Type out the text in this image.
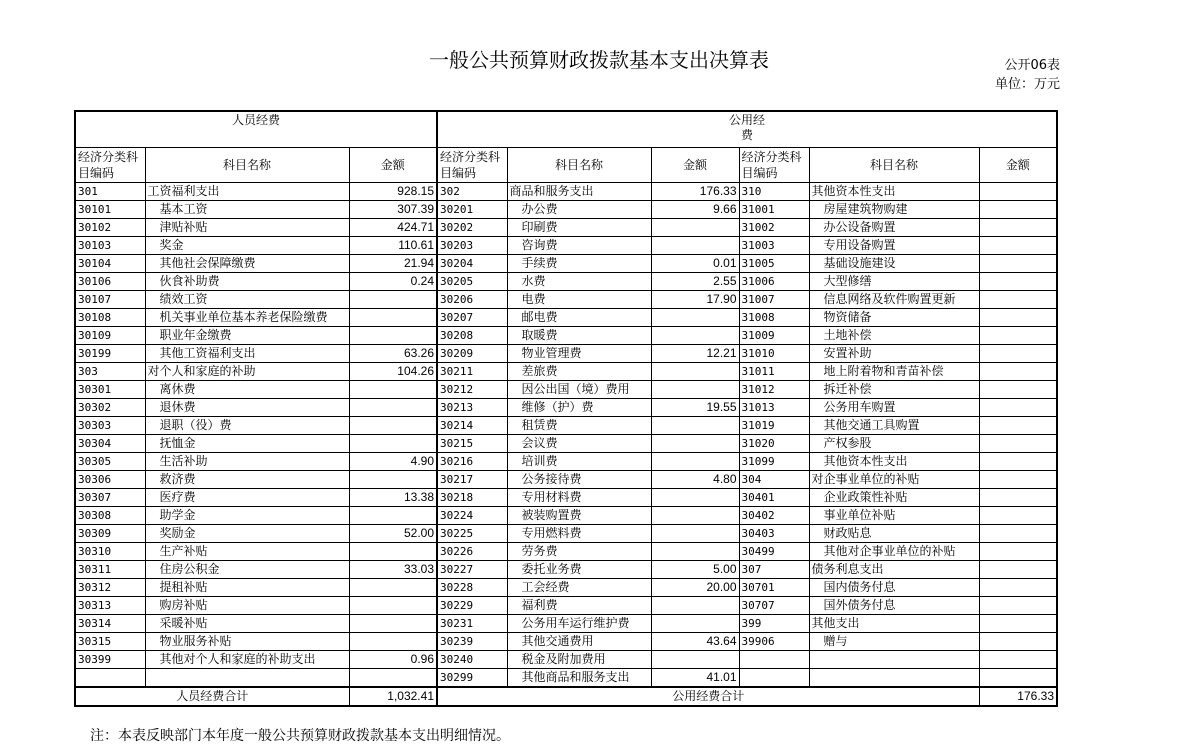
一般公共预算财政拨款基本支出决算表	公开06表
单位：万元
人员经费			公用经费					
经济分类科目编码	科目名称	金额	经济分类科目编码	科目名称	金额	经济分类科目编码	科目名称	金额
301	工资福利支出	928.15	302	商品和服务支出	176.33	310	其他资本性支出	
30101	基本工资	307.39	30201	办公费	9.66	31001	房屋建筑物购建	
30102	津贴补贴	424.71	30202	印刷费		31002	办公设备购置	
30103	奖金	110.61	30203	咨询费		31003	专用设备购置	
30104	其他社会保障缴费	21.94	30204	手续费	0.01	31005	基础设施建设	
30106	伙食补助费	0.24	30205	水费	2.55	31006	大型修缮	
30107	绩效工资		30206	电费	17.90	31007	信息网络及软件购置更新	
30108	机关事业单位基本养老保险缴费		30207	邮电费		31008	物资储备	
30109	职业年金缴费		30208	取暖费		31009	土地补偿	
30199	其他工资福利支出	63.26	30209	物业管理费	12.21	31010	安置补助	
303	对个人和家庭的补助	104.26	30211	差旅费		31011	地上附着物和青苗补偿	
30301	离休费		30212	因公出国（境）费用		31012	拆迁补偿	
30302	退休费		30213	维修（护）费	19.55	31013	公务用车购置	
30303	退职（役）费		30214	租赁费		31019	其他交通工具购置	
30304	抚恤金		30215	会议费		31020	产权参股	
30305	生活补助	4.90	30216	培训费		31099	其他资本性支出	
30306	救济费		30217	公务接待费	4.80	304	对企事业单位的补贴	
30307	医疗费	13.38	30218	专用材料费		30401	企业政策性补贴	
30308	助学金		30224	被装购置费		30402	事业单位补贴	
30309	奖励金	52.00	30225	专用燃料费		30403	财政贴息	
30310	生产补贴		30226	劳务费		30499	其他对企事业单位的补贴	
30311	住房公积金	33.03	30227	委托业务费	5.00	307	债务利息支出	
30312	提租补贴		30228	工会经费	20.00	30701	国内债务付息	
30313	购房补贴		30229	福利费		30707	国外债务付息	
30314	采暖补贴		30231	公务用车运行维护费		399	其他支出	
30315	物业服务补贴		30239	其他交通费用	43.64	39906	赠与	
30399	其他对个人和家庭的补助支出	0.96	30240	税金及附加费用				
			30299	其他商品和服务支出	41.01			
人员经费合计		1,032.41	公用经费合计					176.33
注：本表反映部门本年度一般公共预算财政拨款基本支出明细情况。
